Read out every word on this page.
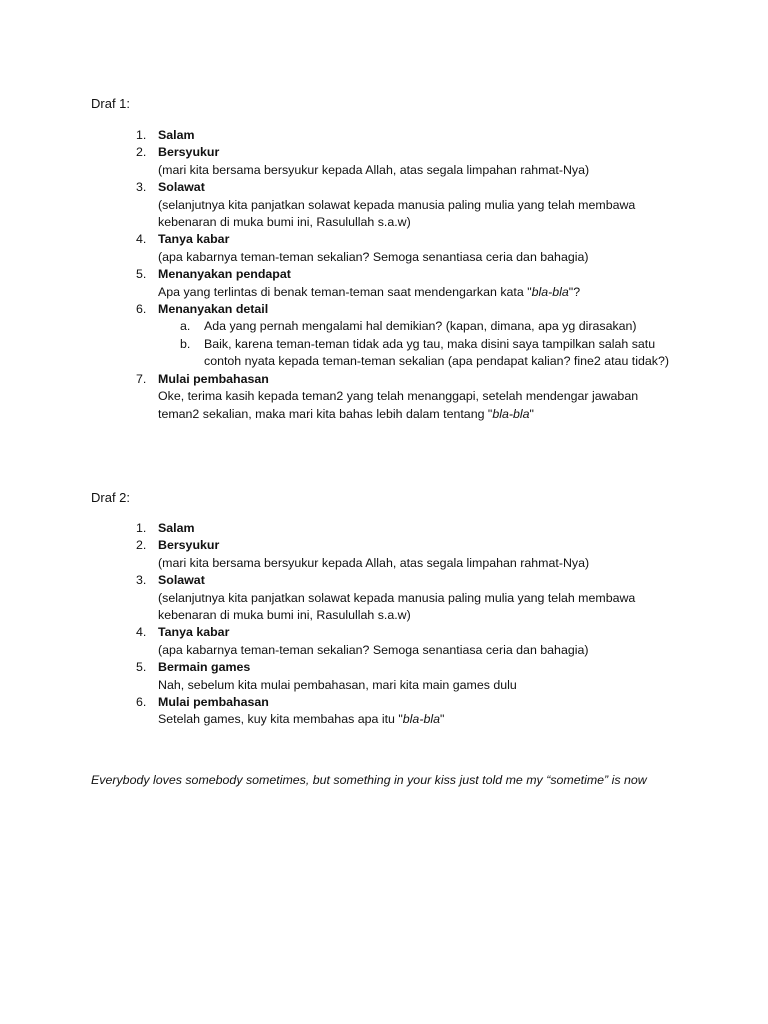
Draf 1:
1. Salam
2. Bersyukur
(mari kita bersama bersyukur kepada Allah, atas segala limpahan rahmat-Nya)
3. Solawat
(selanjutnya kita panjatkan solawat kepada manusia paling mulia yang telah membawa kebenaran di muka bumi ini, Rasulullah s.a.w)
4. Tanya kabar
(apa kabarnya teman-teman sekalian? Semoga senantiasa ceria dan bahagia)
5. Menanyakan pendapat
Apa yang terlintas di benak teman-teman saat mendengarkan kata "bla-bla"?
6. Menanyakan detail
a. Ada yang pernah mengalami hal demikian? (kapan, dimana, apa yg dirasakan)
b. Baik, karena teman-teman tidak ada yg tau, maka disini saya tampilkan salah satu contoh nyata kepada teman-teman sekalian (apa pendapat kalian? fine2 atau tidak?)
7. Mulai pembahasan
Oke, terima kasih kepada teman2 yang telah menanggapi, setelah mendengar jawaban teman2 sekalian, maka mari kita bahas lebih dalam tentang "bla-bla"
Draf 2:
1. Salam
2. Bersyukur
(mari kita bersama bersyukur kepada Allah, atas segala limpahan rahmat-Nya)
3. Solawat
(selanjutnya kita panjatkan solawat kepada manusia paling mulia yang telah membawa kebenaran di muka bumi ini, Rasulullah s.a.w)
4. Tanya kabar
(apa kabarnya teman-teman sekalian? Semoga senantiasa ceria dan bahagia)
5. Bermain games
Nah, sebelum kita mulai pembahasan, mari kita main games dulu
6. Mulai pembahasan
Setelah games, kuy kita membahas apa itu "bla-bla"

Everybody loves somebody sometimes, but something in your kiss just told me my “sometime” is now
